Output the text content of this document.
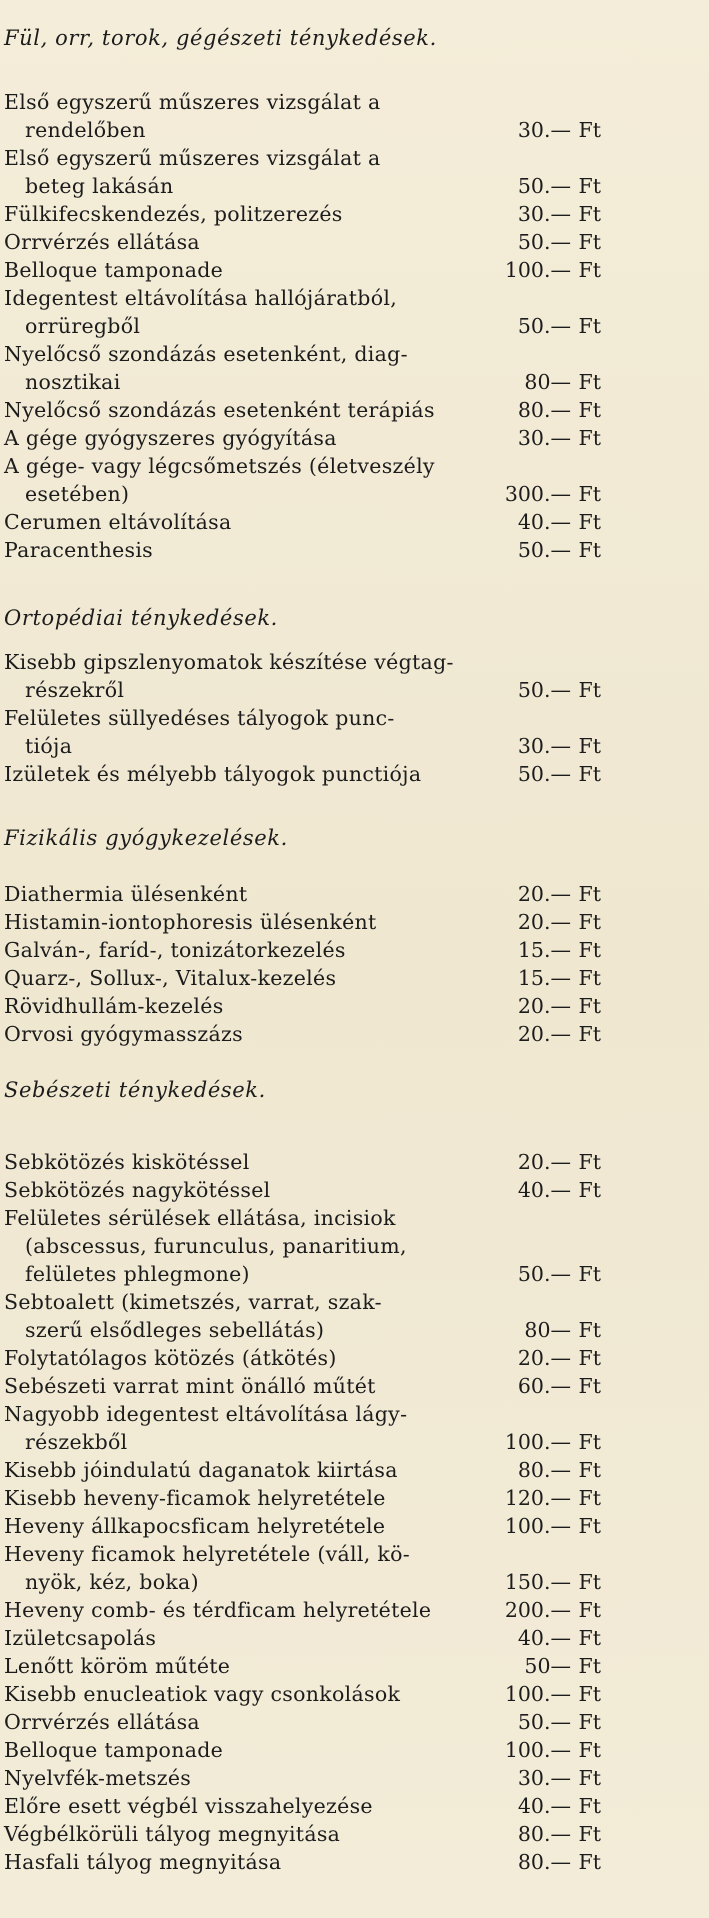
Fül, orr, torok, gégészeti ténykedések.
Első egyszerű műszeres vizsgálat a
rendelőben	30.— Ft
Első egyszerű műszeres vizsgálat a
beteg lakásán	50.— Ft
Fülkifecskendezés, politzerezés	30.— Ft
Orrvérzés ellátása	50.— Ft
Belloque tamponade	100.— Ft
Idegentest eltávolítása hallójáratból,
orrüregből	50.— Ft
Nyelőcső szondázás esetenként, diag-
nosztikai	80— Ft
Nyelőcső szondázás esetenként terápiás	80.— Ft
A gége gyógyszeres gyógyítása	30.— Ft
A gége- vagy légcsőmetszés (életveszély
esetében)	300.— Ft
Cerumen eltávolítása	40.— Ft
Paracenthesis	50.— Ft
Ortopédiai ténykedések.
Kisebb gipszlenyomatok készítése végtag-
részekről	50.— Ft
Felületes süllyedéses tályogok punc-
tiója	30.— Ft
Izületek és mélyebb tályogok punctiója	50.— Ft
Fizikális gyógykezelések.
Diathermia ülésenként	20.— Ft
Histamin-iontophoresis ülésenként	20.— Ft
Galván-, faríd-, tonizátorkezelés	15.— Ft
Quarz-, Sollux-, Vitalux-kezelés	15.— Ft
Rövidhullám-kezelés	20.— Ft
Orvosi gyógymasszázs	20.— Ft
Sebészeti ténykedések.
Sebkötözés kiskötéssel	20.— Ft
Sebkötözés nagykötéssel	40.— Ft
Felületes sérülések ellátása, incisiok
(abscessus, furunculus, panaritium,
felületes phlegmone)	50.— Ft
Sebtoalett (kimetszés, varrat, szak-
szerű elsődleges sebellátás)	80— Ft
Folytatólagos kötözés (átkötés)	20.— Ft
Sebészeti varrat mint önálló műtét	60.— Ft
Nagyobb idegentest eltávolítása lágy-
részekből	100.— Ft
Kisebb jóindulatú daganatok kiirtása	80.— Ft
Kisebb heveny-ficamok helyretétele	120.— Ft
Heveny állkapocsficam helyretétele	100.— Ft
Heveny ficamok helyretétele (váll, kö-
nyök, kéz, boka)	150.— Ft
Heveny comb- és térdficam helyretétele	200.— Ft
Izületcsapolás	40.— Ft
Lenőtt köröm műtéte	50— Ft
Kisebb enucleatiok vagy csonkolások	100.— Ft
Orrvérzés ellátása	50.— Ft
Belloque tamponade	100.— Ft
Nyelvfék-metszés	30.— Ft
Előre esett végbél visszahelyezése	40.— Ft
Végbélkörüli tályog megnyitása	80.— Ft
Hasfali tályog megnyitása	80.— Ft
